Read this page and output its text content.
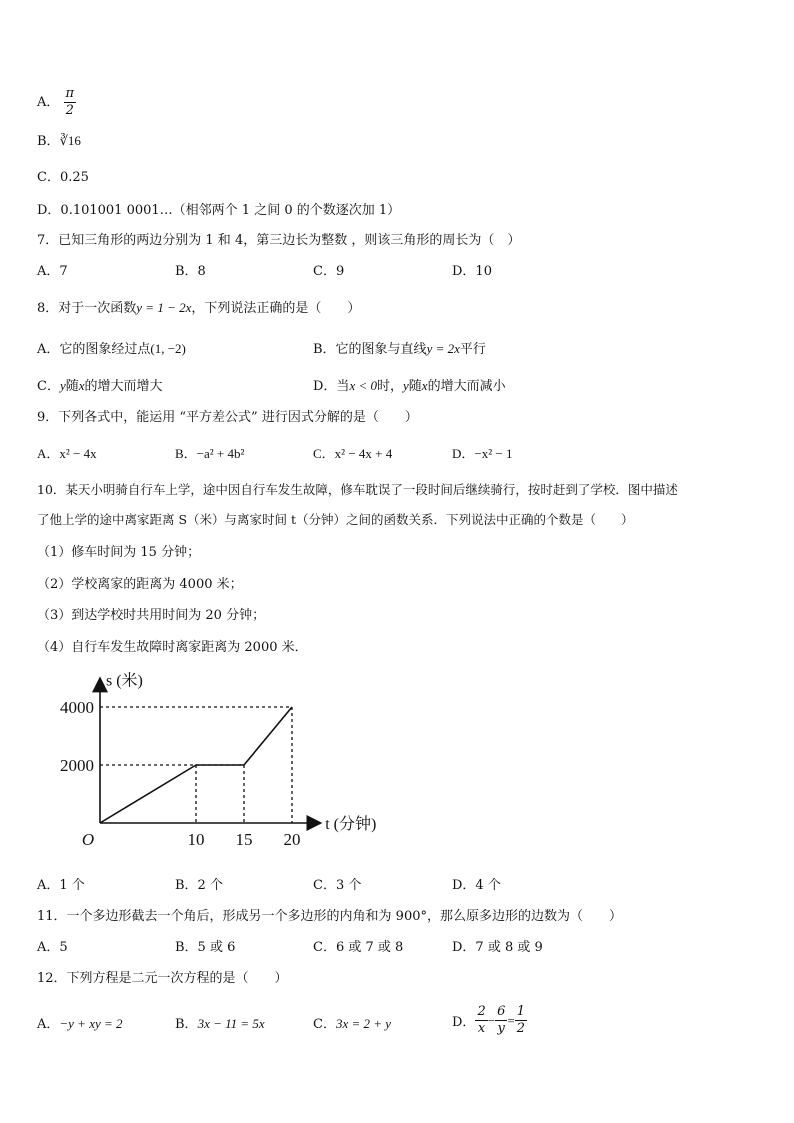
A． $\frac{\pi}{2}$
B．∛16
C．0.25
D．0.101001 0001…（相邻两个 1 之间 0 的个数逐次加 1）
7．已知三角形的两边分别为 1 和 4，第三边长为整数 ，则该三角形的周长为（　）
A．7	B．8	C．9	D．10
8．对于一次函数y = 1 − 2x，下列说法正确的是（　　）
A．它的图象经过点(1, −2)	B．它的图象与直线y = 2x平行
C．y随x的增大而增大	D．当x < 0时，y随x的增大而减小
9．下列各式中，能运用 “平方差公式” 进行因式分解的是（　　）
A．x² − 4x	B．−a² + 4b²	C．x² − 4x + 4	D．−x² − 1
10．某天小明骑自行车上学，途中因自行车发生故障，修车耽误了一段时间后继续骑行，按时赶到了学校．图中描述
了他上学的途中离家距离 S（米）与离家时间 t（分钟）之间的函数关系．下列说法中正确的个数是（　　）
（1）修车时间为 15 分钟；
（2）学校离家的距离为 4000 米；
（3）到达学校时共用时间为 20 分钟；
（4）自行车发生故障时离家距离为 2000 米．
10 15 20
2000
4000
O
s (米)
t (分钟)
A．1 个	B．2 个	C．3 个	D．4 个
11．一个多边形截去一个角后，形成另一个多边形的内角和为 900°，那么原多边形的边数为（　　）
A．5	B．5 或 6	C．6 或 7 或 8	D．7 或 8 或 9
12．下列方程是二元一次方程的是（　　）
A．−y + xy = 2	B．3x − 11 = 5x	C．3x = 2 + y	D． $\frac{2}{x} - \frac{6}{y} = \frac{1}{2}$
